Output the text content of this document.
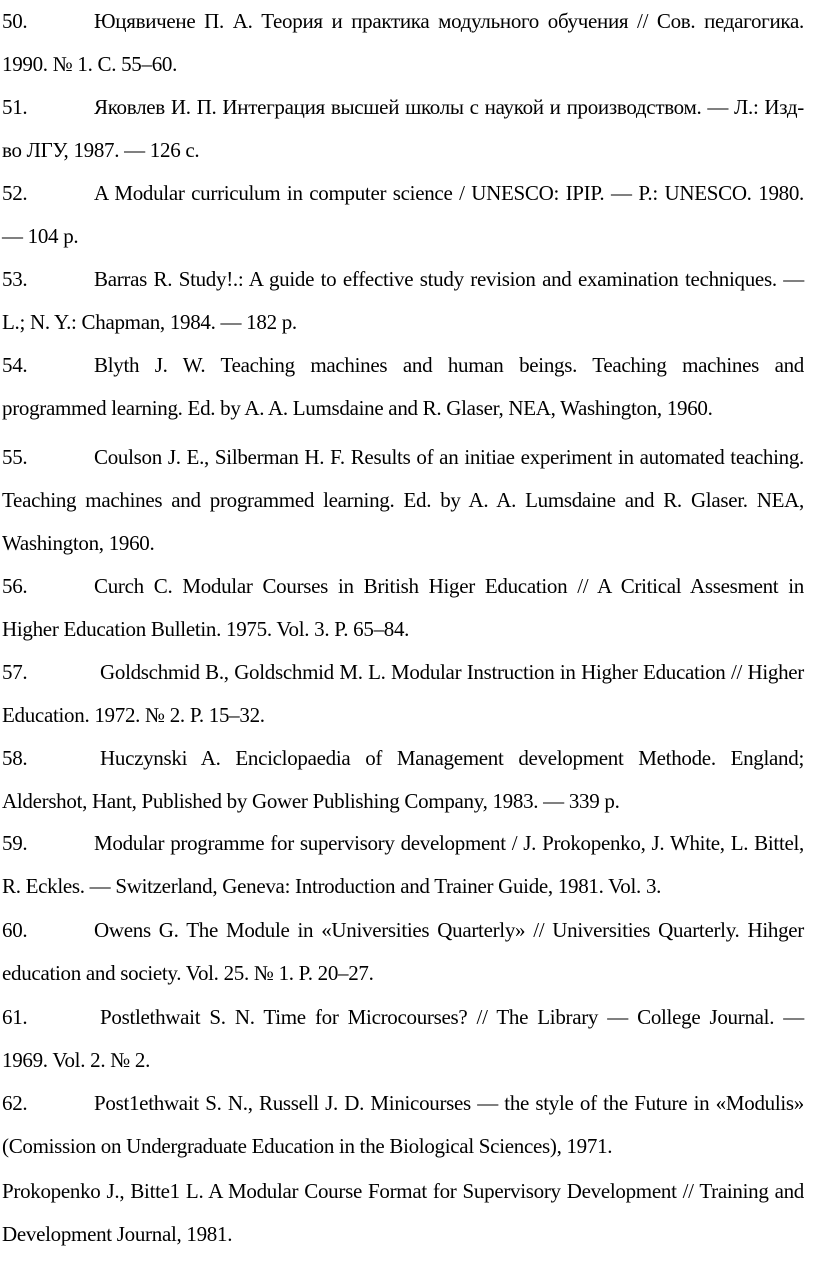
50.	Юцявичене П. А. Теория и практика модульного обучения // Сов. педагогика. 1990. № 1. С. 55–60.
51.	Яковлев И. П. Интеграция высшей школы с наукой и производством. — Л.: Изд-во ЛГУ, 1987. — 126 с.
52.	A Modular curriculum in computer science / UNESCO: IPIP. — P.: UNESCO. 1980. — 104 p.
53.	Barras R. Study!.: A guide to effective study revision and examination techniques. — L.; N. Y.: Chapman, 1984. — 182 p.
54.	Blyth J. W. Teaching machines and human beings. Teaching machines and programmed learning. Ed. by A. A. Lumsdaine and R. Glaser, NEA, Washington, 1960.
55.	Coulson J. E., Silberman H. F. Results of an initiae experiment in automated teaching. Teaching machines and programmed learning. Ed. by A. A. Lumsdaine and R. Glaser. NEA, Washington, 1960.
56.	Curch C. Modular Courses in British Higer Education // A Critical Assesment in Higher Education Bulletin. 1975. Vol. 3. P. 65–84.
57.	Goldschmid B., Goldschmid M. L. Modular Instruction in Higher Education // Higher Education. 1972. № 2. P. 15–32.
58.	Huczynski A. Enciclopaedia of Management development Methode. England; Aldershot, Hant, Published by Gower Publishing Company, 1983. — 339 p.
59.	Modular programme for supervisory development / J. Prokopenko, J. White, L. Bittel, R. Eckles. — Switzerland, Geneva: Introduction and Trainer Guide, 1981. Vol. 3.
60.	Owens G. The Module in «Universities Quarterly» // Universities Quarterly. Hihger education and society. Vol. 25. № 1. P. 20–27.
61.	Postlethwait S. N. Time for Microcourses? // The Library — College Journal. — 1969. Vol. 2. № 2.
62.	Post1ethwait S. N., Russell J. D. Minicourses — the style of the Future in «Modulis» (Comission on Undergraduate Education in the Biological Sciences), 1971.
Prokopenko J., Bitte1 L. A Modular Course Format for Supervisory Development // Training and Development Journal, 1981.
